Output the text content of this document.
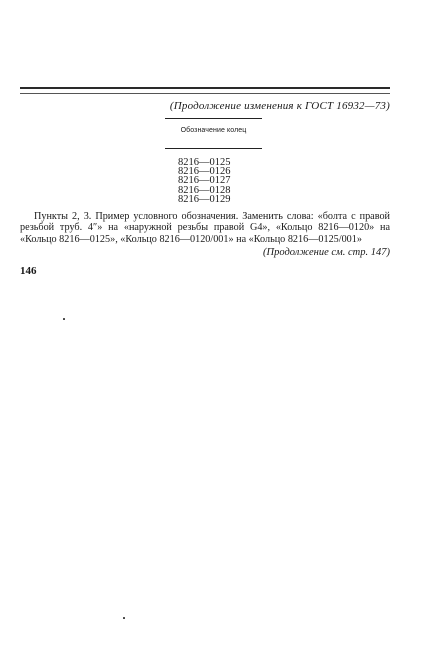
(Продолжение изменения к ГОСТ 16932—73)
Обозначение колец
8216—0125
8216—0126
8216—0127
8216—0128
8216—0129

Пункты 2, 3. Пример условного обозначения. Заменить слова: «болта с правой резьбой труб. 4″» на «наружной резьбы правой G4», «Кольцо 8216—0120» на «Кольцо 8216—0125», «Кольцо 8216—0120/001» на «Кольцо 8216—0125/001»

(Продолжение см. стр. 147)
146
